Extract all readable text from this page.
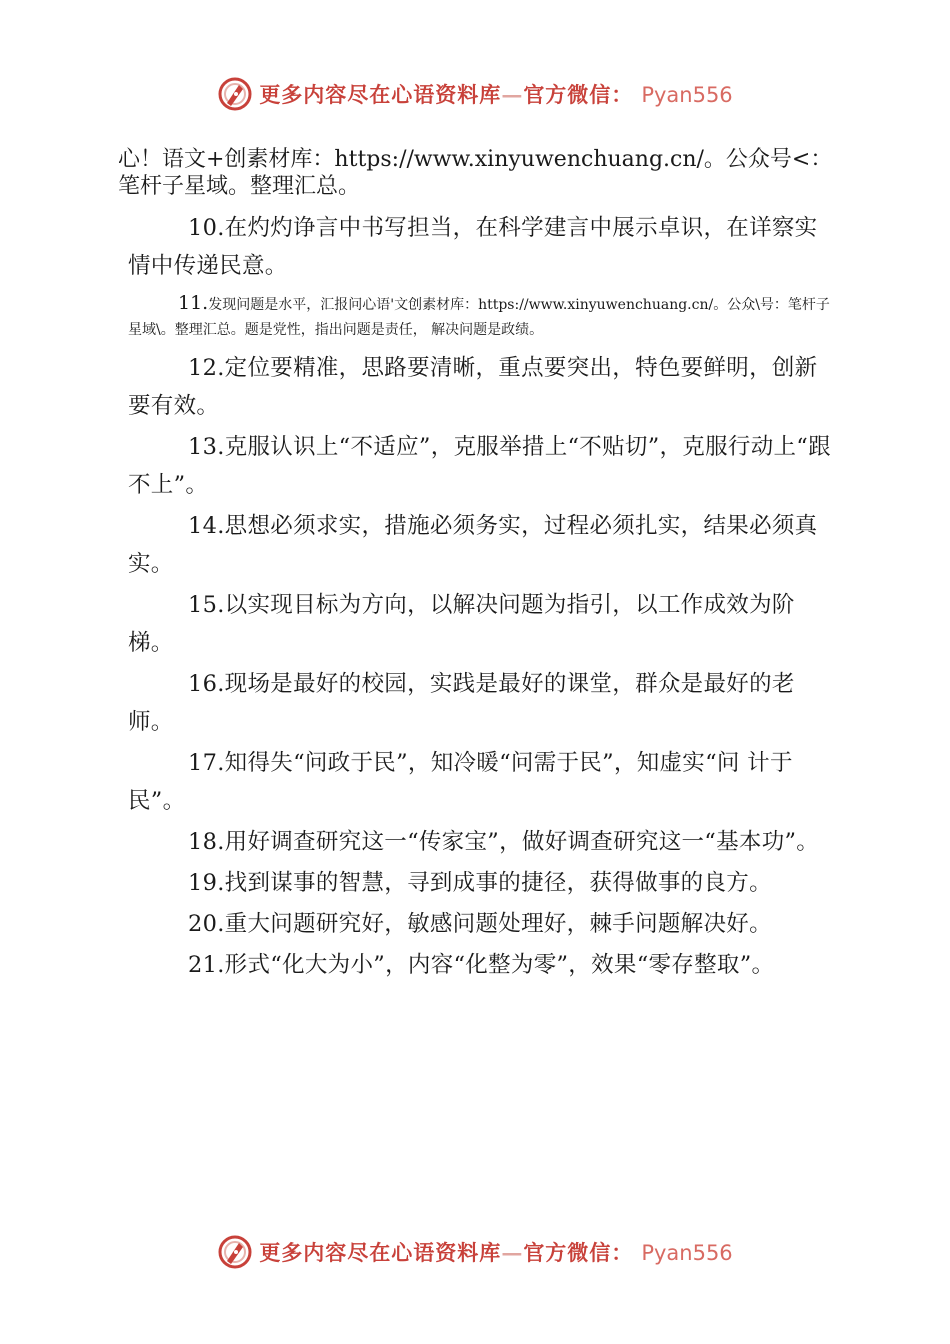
更多内容尽在心语资料库 — 官方微信： Pyan556

心！语文+创素材库：https://www.xinyuwenchuang.cn/。公众号<：
笔杆子星域。整理汇总。

10.在灼灼诤言中书写担当，在科学建言中展示卓识，在详察实情中传递民意。

11.发现问题是水平，汇报问心语'文创素材库：https://www.xinyuwenchuang.cn/。公众\号：笔杆子星域\。整理汇总。题是党性，指出问题是责任， 解决问题是政绩。

12.定位要精准，思路要清晰，重点要突出，特色要鲜明，创新要有效。

13.克服认识上“不适应”，克服举措上“不贴切”，克服行动上“跟不上”。

14.思想必须求实，措施必须务实，过程必须扎实，结果必须真实。

15.以实现目标为方向，以解决问题为指引，以工作成效为阶梯。

16.现场是最好的校园，实践是最好的课堂，群众是最好的老师。

17.知得失“问政于民”，知冷暖“问需于民”，知虚实“问 计于民”。

18.用好调查研究这一“传家宝”，做好调查研究这一“基本功”。

19.找到谋事的智慧，寻到成事的捷径，获得做事的良方。

20.重大问题研究好，敏感问题处理好，棘手问题解决好。

21.形式“化大为小”，内容“化整为零”，效果“零存整取”。

更多内容尽在心语资料库 — 官方微信： Pyan556
